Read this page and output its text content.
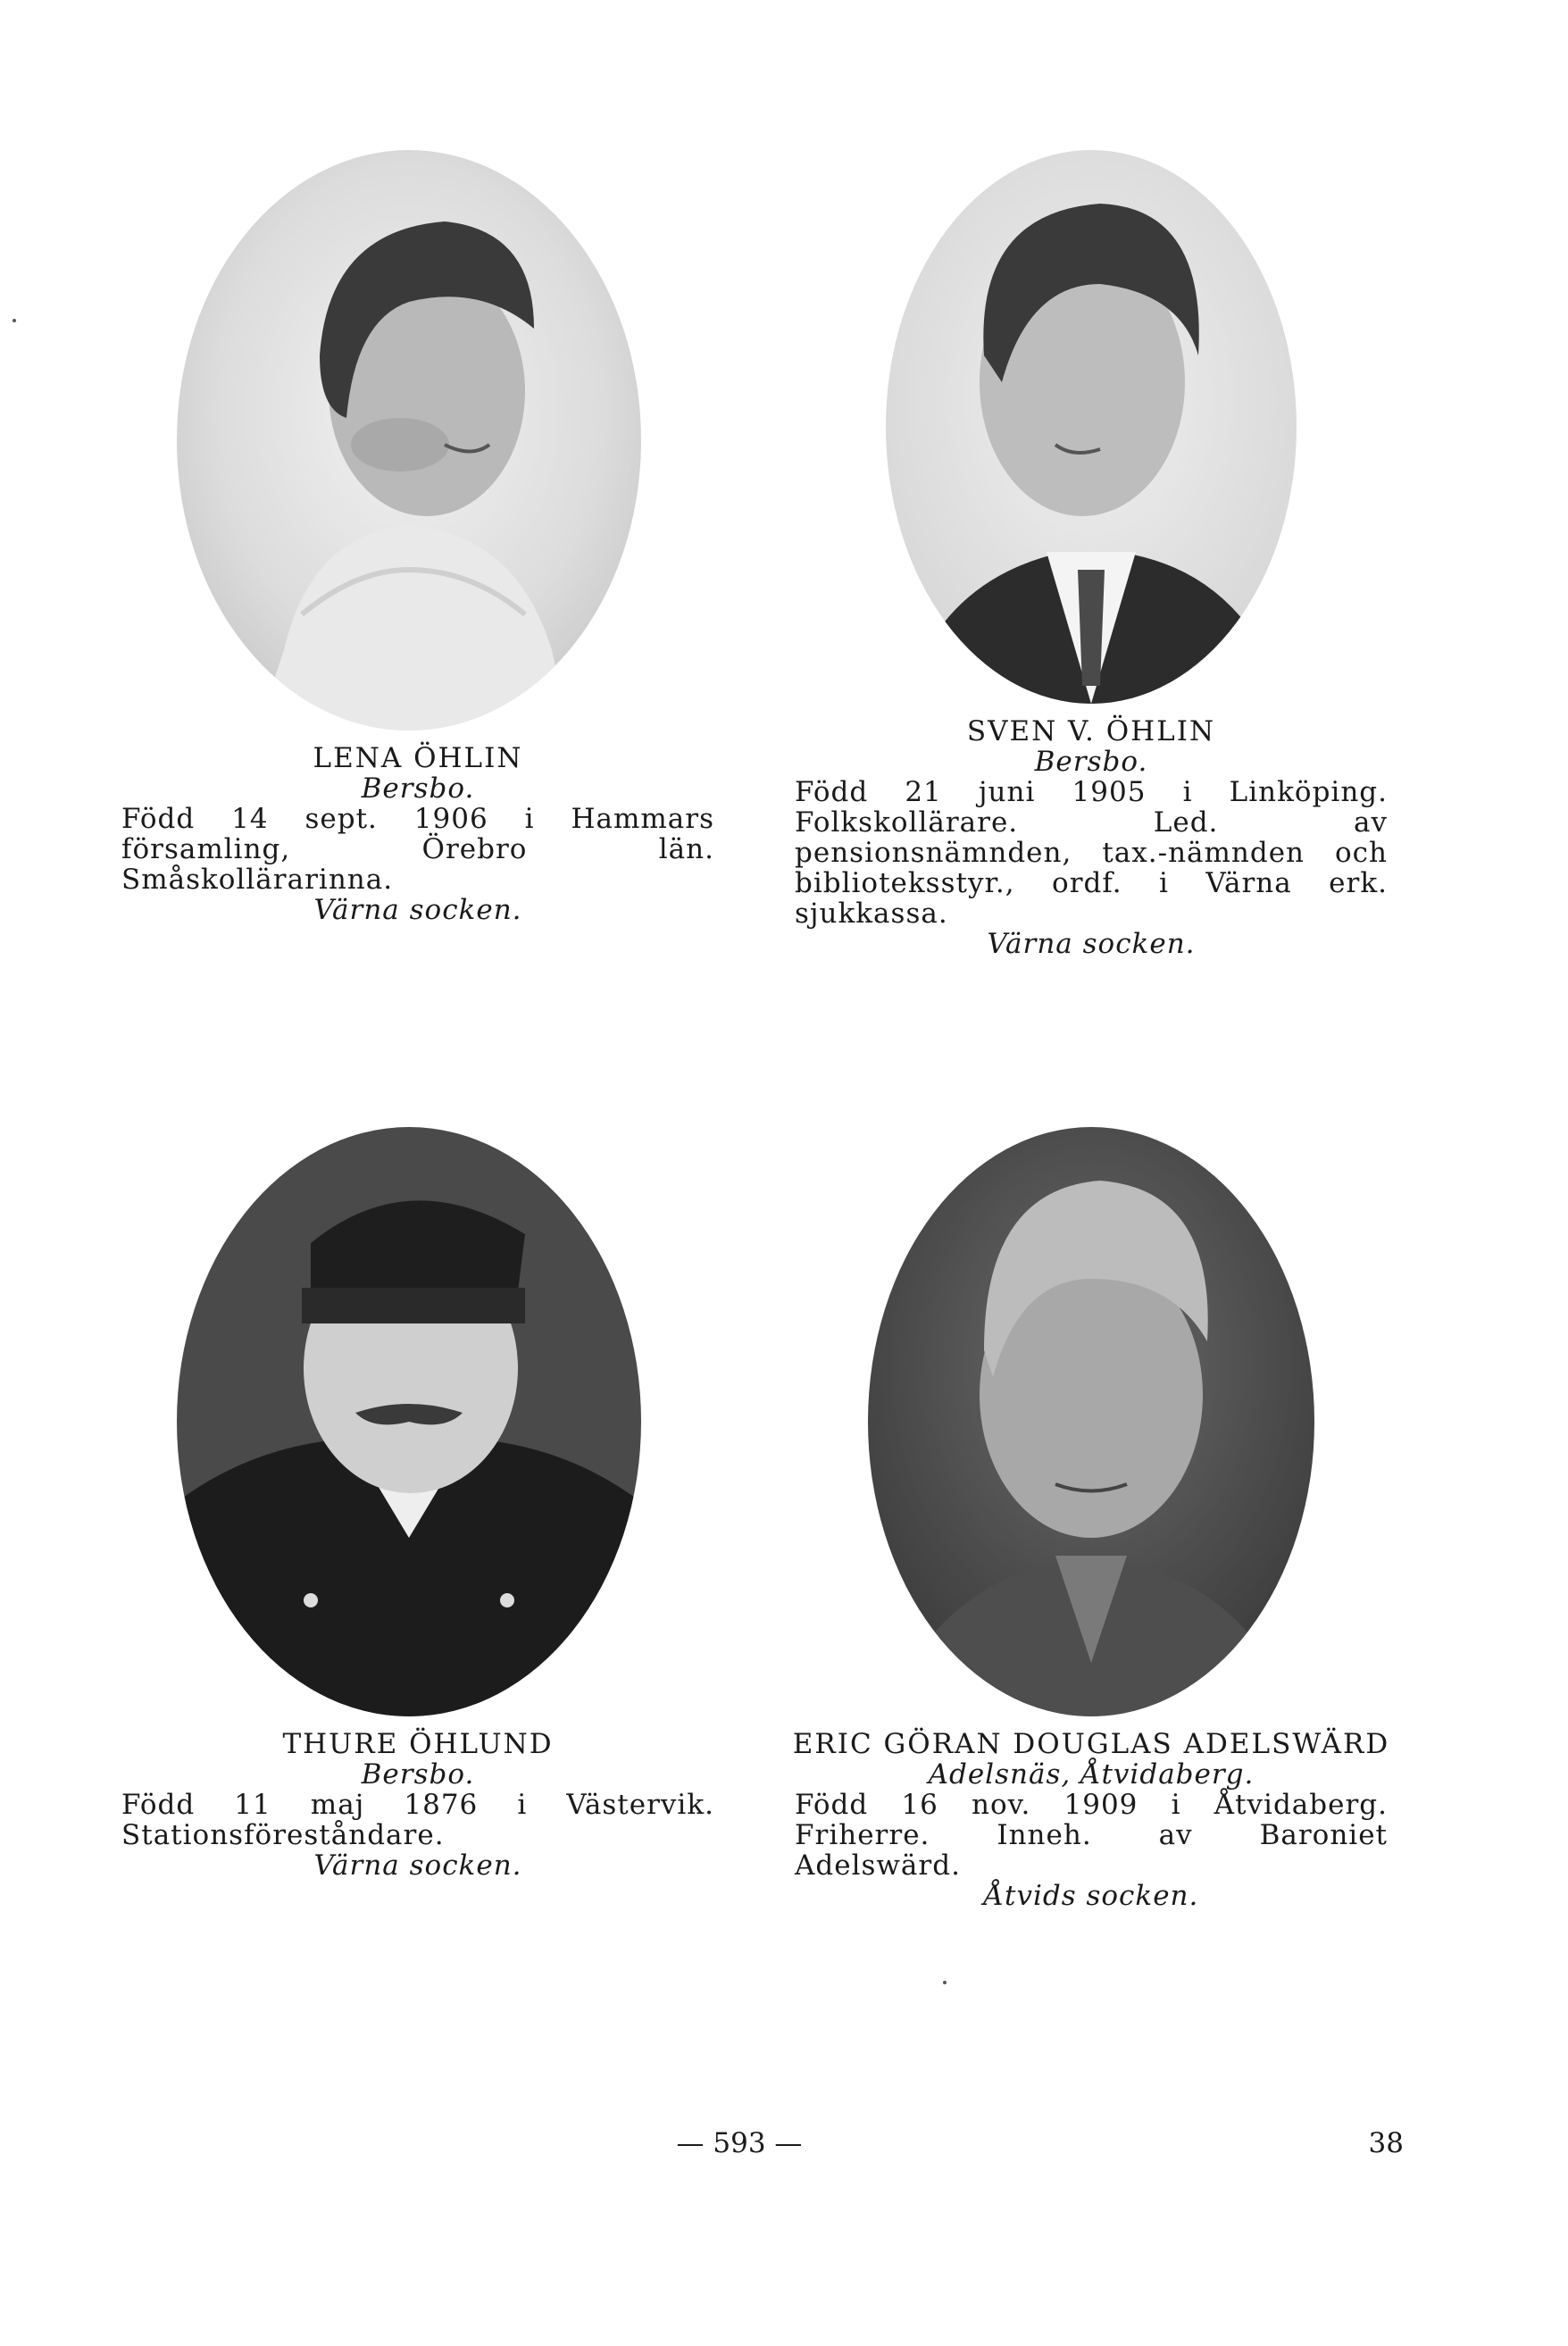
LENA ÖHLIN
Bersbo.
Född 14 sept. 1906 i Hammars församling, Örebro län. Småskollärarinna.
Värna socken.
SVEN V. ÖHLIN
Bersbo.
Född 21 juni 1905 i Linköping. Folkskollärare. Led. av pensionsnämnden, tax.-nämnden och biblioteksstyr., ordf. i Värna erk. sjukkassa.
Värna socken.
THURE ÖHLUND
Bersbo.
Född 11 maj 1876 i Västervik. Stationsföreståndare.
Värna socken.
ERIC GÖRAN DOUGLAS ADELSWÄRD
Adelsnäs, Åtvidaberg.
Född 16 nov. 1909 i Åtvidaberg. Friherre. Inneh. av Baroniet Adelswärd.
Åtvids socken.
— 593 —	38
